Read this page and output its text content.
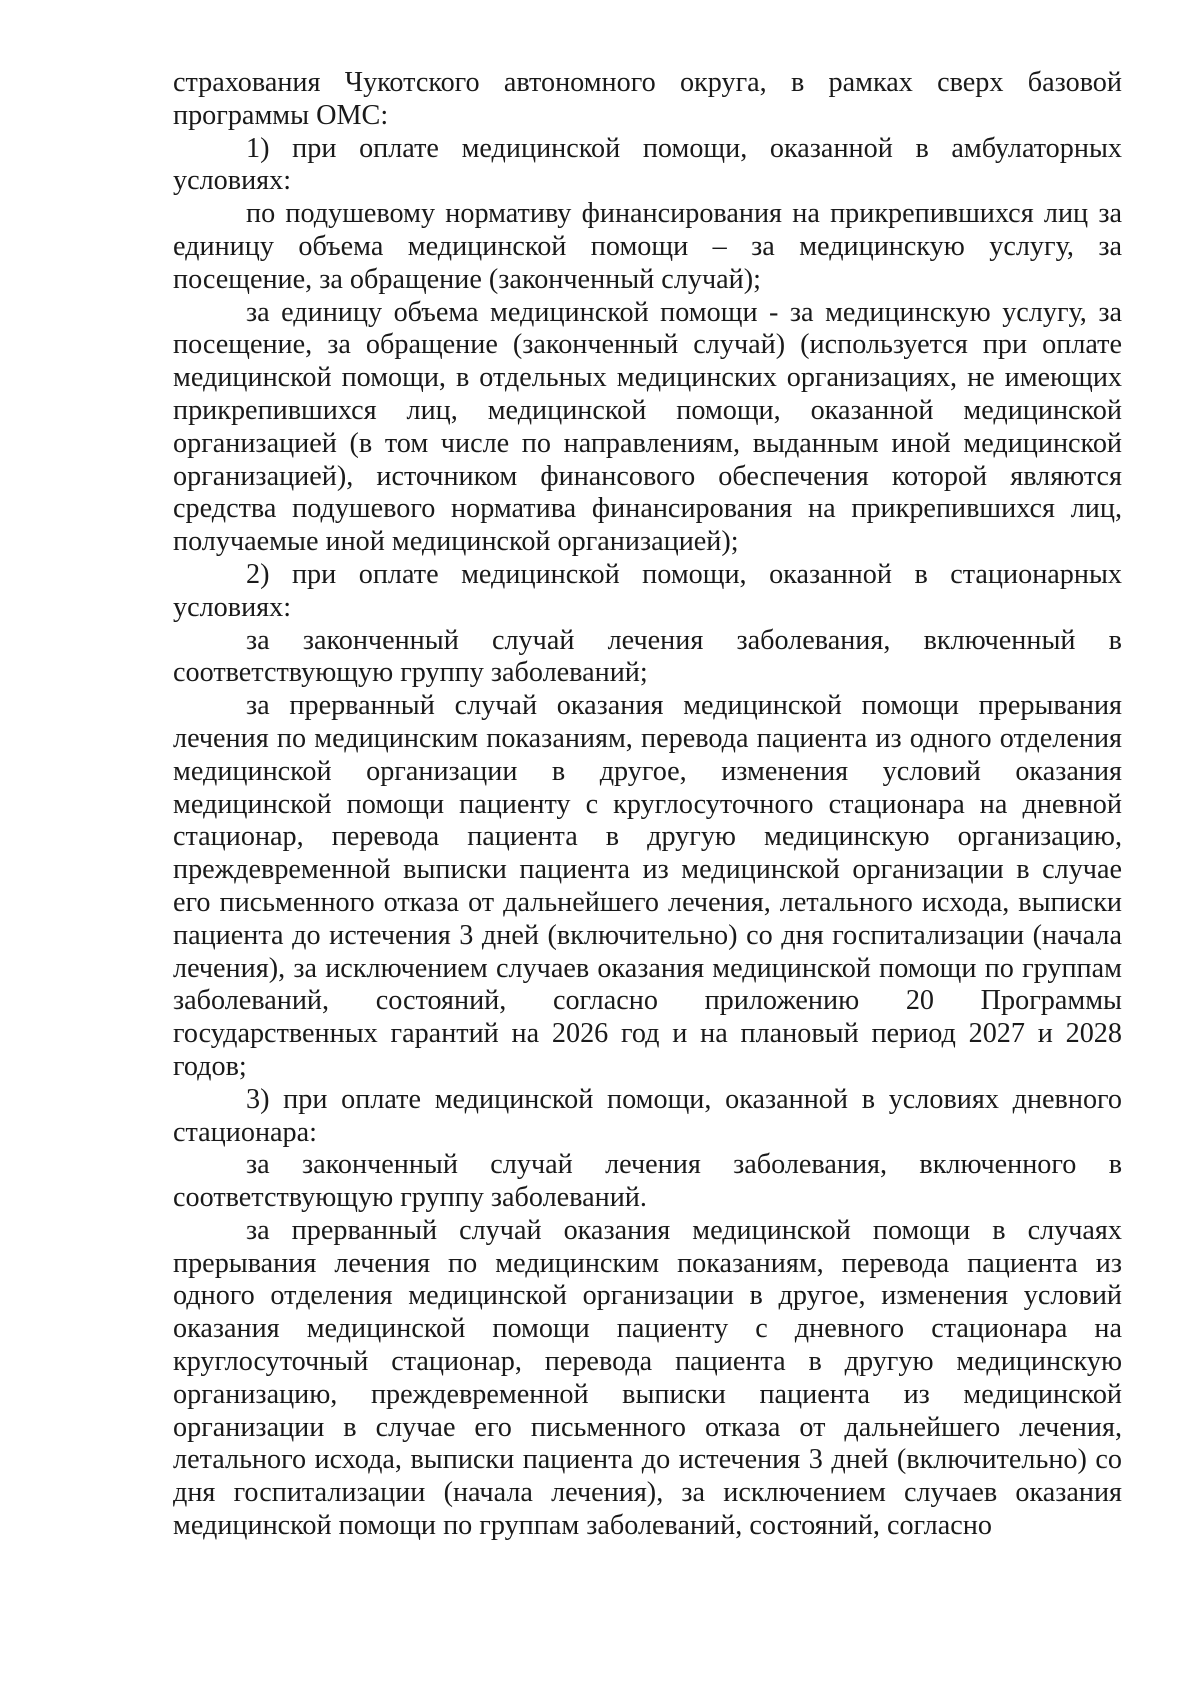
страхования Чукотского автономного округа, в рамках сверх базовой программы ОМС:

1) при оплате медицинской помощи, оказанной в амбулаторных условиях:

по подушевому нормативу финансирования на прикрепившихся лиц за единицу объема медицинской помощи – за медицинскую услугу, за посещение, за обращение (законченный случай);

за единицу объема медицинской помощи - за медицинскую услугу, за посещение, за обращение (законченный случай) (используется при оплате медицинской помощи, в отдельных медицинских организациях, не имеющих прикрепившихся лиц, медицинской помощи, оказанной медицинской организацией (в том числе по направлениям, выданным иной медицинской организацией), источником финансового обеспечения которой являются средства подушевого норматива финансирования на прикрепившихся лиц, получаемые иной медицинской организацией);

2) при оплате медицинской помощи, оказанной в стационарных условиях:

за законченный случай лечения заболевания, включенный в соответствующую группу заболеваний;

за прерванный случай оказания медицинской помощи прерывания лечения по медицинским показаниям, перевода пациента из одного отделения медицинской организации в другое, изменения условий оказания медицинской помощи пациенту с круглосуточного стационара на дневной стационар, перевода пациента в другую медицинскую организацию, преждевременной выписки пациента из медицинской организации в случае его письменного отказа от дальнейшего лечения, летального исхода, выписки пациента до истечения 3 дней (включительно) со дня госпитализации (начала лечения), за исключением случаев оказания медицинской помощи по группам заболеваний, состояний, согласно приложению 20 Программы государственных гарантий на 2026 год и на плановый период 2027 и 2028 годов;

3) при оплате медицинской помощи, оказанной в условиях дневного стационара:

за законченный случай лечения заболевания, включенного в соответствующую группу заболеваний.

за прерванный случай оказания медицинской помощи в случаях прерывания лечения по медицинским показаниям, перевода пациента из одного отделения медицинской организации в другое, изменения условий оказания медицинской помощи пациенту с дневного стационара на круглосуточный стационар, перевода пациента в другую медицинскую организацию, преждевременной выписки пациента из медицинской организации в случае его письменного отказа от дальнейшего лечения, летального исхода, выписки пациента до истечения 3 дней (включительно) со дня госпитализации (начала лечения), за исключением случаев оказания медицинской помощи по группам заболеваний, состояний, согласно
